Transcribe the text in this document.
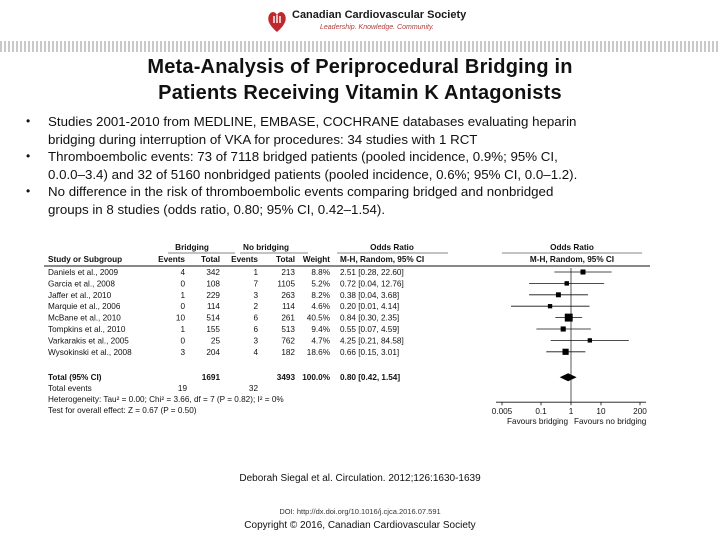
Canadian Cardiovascular Society
Leadership. Knowledge. Community.
Meta-Analysis of Periprocedural Bridging in
Patients Receiving Vitamin K Antagonists
• Studies 2001-2010 from MEDLINE, EMBASE, COCHRANE databases evaluating heparin
bridging during interruption of VKA for procedures: 34 studies with 1 RCT
• Thromboembolic events: 73 of 7118 bridged patients (pooled incidence, 0.9%; 95% CI,
0.0.0–3.4) and 32 of 5160 nonbridged patients (pooled incidence, 0.6%; 95% CI, 0.0–1.2).
• No difference in the risk of thromboembolic events comparing bridged and nonbridged
groups in 8 studies (odds ratio, 0.80; 95% CI, 0.42–1.54).
Bridging	No bridging	Odds Ratio	Odds Ratio
Study or Subgroup	Events Total Events Total Weight M-H, Random, 95% CI	M-H, Random, 95% CI
Daniels et al., 2009	4	342	1	213 8.8% 2.51 [0.28, 22.60]
Garcia et al., 2008	0	108	7 1105 5.2% 0.72 [0.04, 12.76]
Jaffer et al., 2010	1	229	3	263 8.2% 0.38 [0.04, 3.68]
Marquie et al., 2006	0	114	2	114 4.6% 0.20 [0.01, 4.14]
McBane et al., 2010	10	514	6	261 40.5% 0.84 [0.30, 2.35]
Tompkins et al., 2010	1	155	6	513 9.4% 0.55 [0.07, 4.59]
Varkarakis et al., 2005	0	25	3	762 4.7% 4.25 [0.21, 84.58]
Wysokinski et al., 2008	3	204	4	182 18.6% 0.66 [0.15, 3.01]
Total (95% CI)	1691	3493 100.0% 0.80 [0.42, 1.54]
Total events	19	32
Heterogeneity: Tau² = 0.00; Chi² = 3.66, df = 7 (P = 0.82); I² = 0%
Test for overall effect: Z = 0.67 (P = 0.50)	0.005	0.1	1	10	200
Favours bridging Favours no bridging
Deborah Siegal et al. Circulation. 2012;126:1630-1639
DOI: http://dx.doi.org/10.1016/j.cjca.2016.07.591
Copyright © 2016, Canadian Cardiovascular Society
